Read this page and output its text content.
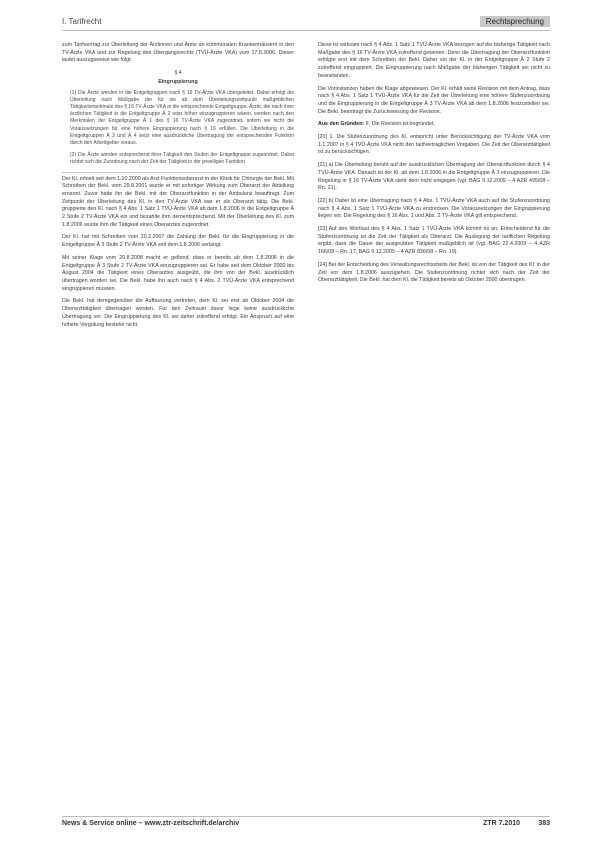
I. Tarifrecht	Rechtsprechung

zum Tarifvertrag zur Überleitung der Ärztinnen und Ärzte an kommunalen Krankenhäusern in den TV-Ärzte VKA und zur Regelung des Übergangsrechts (TVÜ-Ärzte VKA) vom 17.8.2006. Dieser lautet auszugsweise wie folgt:

§ 4
Eingruppierung

(1) Die Ärzte werden in die Entgeltgruppen nach § 16 TV-Ärzte VKA übergeleitet. Dabei erfolgt die Überleitung nach Maßgabe der für sie ab dem Überleitungszeitpunkt maßgeblichen Tätigkeitsmerkmale des § 16 TV-Ärzte VKA in die entsprechende Entgeltgruppe. Ärzte, die nach ihrer ärztlichen Tätigkeit in die Entgeltgruppe Ä 2 oder höher einzugruppieren wären, werden nach den Merkmalen der Entgeltgruppe Ä 1 des § 16 TV-Ärzte VKA zugeordnet, sofern sie nicht die Voraussetzungen für eine höhere Eingruppierung nach § 16 erfüllen. Die Überleitung in die Entgeltgruppen Ä 3 und Ä 4 setzt eine ausdrückliche Übertragung der entsprechenden Funktion durch den Arbeitgeber voraus.

(2) Die Ärzte werden entsprechend ihrer Tätigkeit den Stufen der Entgeltgruppe zugeordnet. Dabei richtet sich die Zuordnung nach der Zeit der Tätigkeit in der jeweiligen Funktion.

Der Kl. erhielt seit dem 1.10.2000 als Arzt Funktionsoberarzt in der Klinik für Chirurgie der Bekl. Mit Schreiben der Bekl. vom 29.8.2001 wurde er mit sofortiger Wirkung zum Oberarzt der Abteilung ernannt. Zuvor hatte ihn die Bekl. mit der Oberarztfunktion in der Ambulanz beauftragt. Zum Zeitpunkt der Überleitung des Kl. in den TV-Ärzte VKA war er als Oberarzt tätig. Die Bekl. gruppierte den Kl. nach § 4 Abs. 1 Satz 1 TVÜ-Ärzte VKA ab dem 1.8.2006 in die Entgeltgruppe Ä 2 Stufe 2 TV-Ärzte VKA ein und bezahlte ihm dementsprechend. Mit der Überleitung des Kl. zum 1.8.2006 wurde ihm die Tätigkeit eines Oberarztes zugeordnet.

Der Kl. hat mit Schreiben vom 20.2.2007 die Zahlung der Bekl. für die Eingruppierung in die Entgeltgruppe Ä 3 Stufe 2 TV-Ärzte VKA seit dem 1.8.2006 verlangt.

Mit seiner Klage vom 20.8.2008 macht er geltend, dass er bereits ab dem 1.8.2006 in die Entgeltgruppe Ä 3 Stufe 2 TV-Ärzte VKA einzugruppieren sei. Er habe seit dem Oktober 2000 bis August 2004 die Tätigkeit eines Oberarztes ausgeübt, die ihm von der Bekl. ausdrücklich übertragen worden sei. Die Bekl. habe ihn auch nach § 4 Abs. 2 TVÜ-Ärzte VKA entsprechend eingruppieren müssen.

Die Bekl. hat demgegenüber die Auffassung vertreten, dem Kl. sei erst ab Oktober 2004 die Oberarzttätigkeit übertragen worden. Für den Zeitraum davor liege keine ausdrückliche Übertragung vor. Die Eingruppierung des Kl. sei daher zutreffend erfolgt. Ein Anspruch auf eine höhere Vergütung bestehe nicht.

Diese ist wirksam nach § 4 Abs. 1 Satz 1 TVÜ-Ärzte VKA bezogen auf die bisherige Tätigkeit nach Maßgabe des § 16 TV-Ärzte VKA zutreffend gewesen. Denn die Übertragung der Oberarztfunktion erfolgte erst mit dem Schreiben der Bekl. Daher sei der Kl. in der Entgeltgruppe Ä 2 Stufe 2 zutreffend eingruppiert. Die Eingruppierung nach Maßgabe der bisherigen Tätigkeit sei nicht zu beanstanden.

Die Vorinstanzen haben die Klage abgewiesen. Der Kl. erhält seine Revision mit dem Antrag, dass nach § 4 Abs. 1 Satz 1 TVÜ-Ärzte VKA für die Zeit der Überleitung eine höhere Stufenzuordnung und die Eingruppierung in die Entgeltgruppe Ä 3 TV-Ärzte VKA ab dem 1.8.2006 festzustellen sei. Die Bekl. beantragt die Zurückweisung der Revision.

Aus den Gründen: II. Die Revision ist begründet.

[20] 1. Die Stufenzuordnung des Kl. entspricht unter Berücksichtigung der TV-Ärzte VKA vom 1.1.2007 in § 4 TVÜ-Ärzte VKA nicht den tarifvertraglichen Vorgaben. Die Zeit der Oberarzttätigkeit ist zu berücksichtigen.

[21] a) Die Überleitung beruht auf der ausdrücklichen Übertragung der Oberarztfunktion durch § 4 TVÜ-Ärzte VKA. Danach ist der Kl. ab dem 1.8.2006 in die Entgeltgruppe Ä 3 einzugruppieren. Die Regelung in § 16 TV-Ärzte VKA steht dem nicht entgegen (vgl. BAG 9.12.2009 – 4 AZR 495/08 – Rn. 21).

[22] b) Dabei ist eine Übertragung nach § 4 Abs. 1 TVÜ-Ärzte VKA auch auf die Stufenzuordnung nach § 4 Abs. 1 Satz 1 TVÜ-Ärzte VKA zu erstrecken. Die Voraussetzungen der Eingruppierung liegen vor. Die Regelung des § 16 Abs. 1 und Abs. 2 TV-Ärzte VKA gilt entsprechend.

[23] Auf den Wortlaut des § 4 Abs. 1 Satz 1 TVÜ-Ärzte VKA kommt es an. Entscheidend für die Stufenzuordnung ist die Zeit der Tätigkeit als Oberarzt. Die Auslegung der tariflichen Regelung ergibt, dass die Dauer der ausgeübten Tätigkeit maßgeblich ist (vgl. BAG 22.4.2009 – 4 AZR 166/08 – Rn. 17; BAG 9.12.2009 – 4 AZR 836/08 – Rn. 19).

[24] Bei der Entscheidung des Verwaltungsrechtsstreits der Bekl. ist von der Tätigkeit des Kl. in der Zeit vor dem 1.8.2006 auszugehen. Die Stufenzuordnung richtet sich nach der Zeit der Oberarzttätigkeit. Die Bekl. hat dem Kl. die Tätigkeit bereits ab Oktober 2000 übertragen.

News & Service online – www.ztr-zeitschrift.de/archiv	ZTR 7.2010	383
